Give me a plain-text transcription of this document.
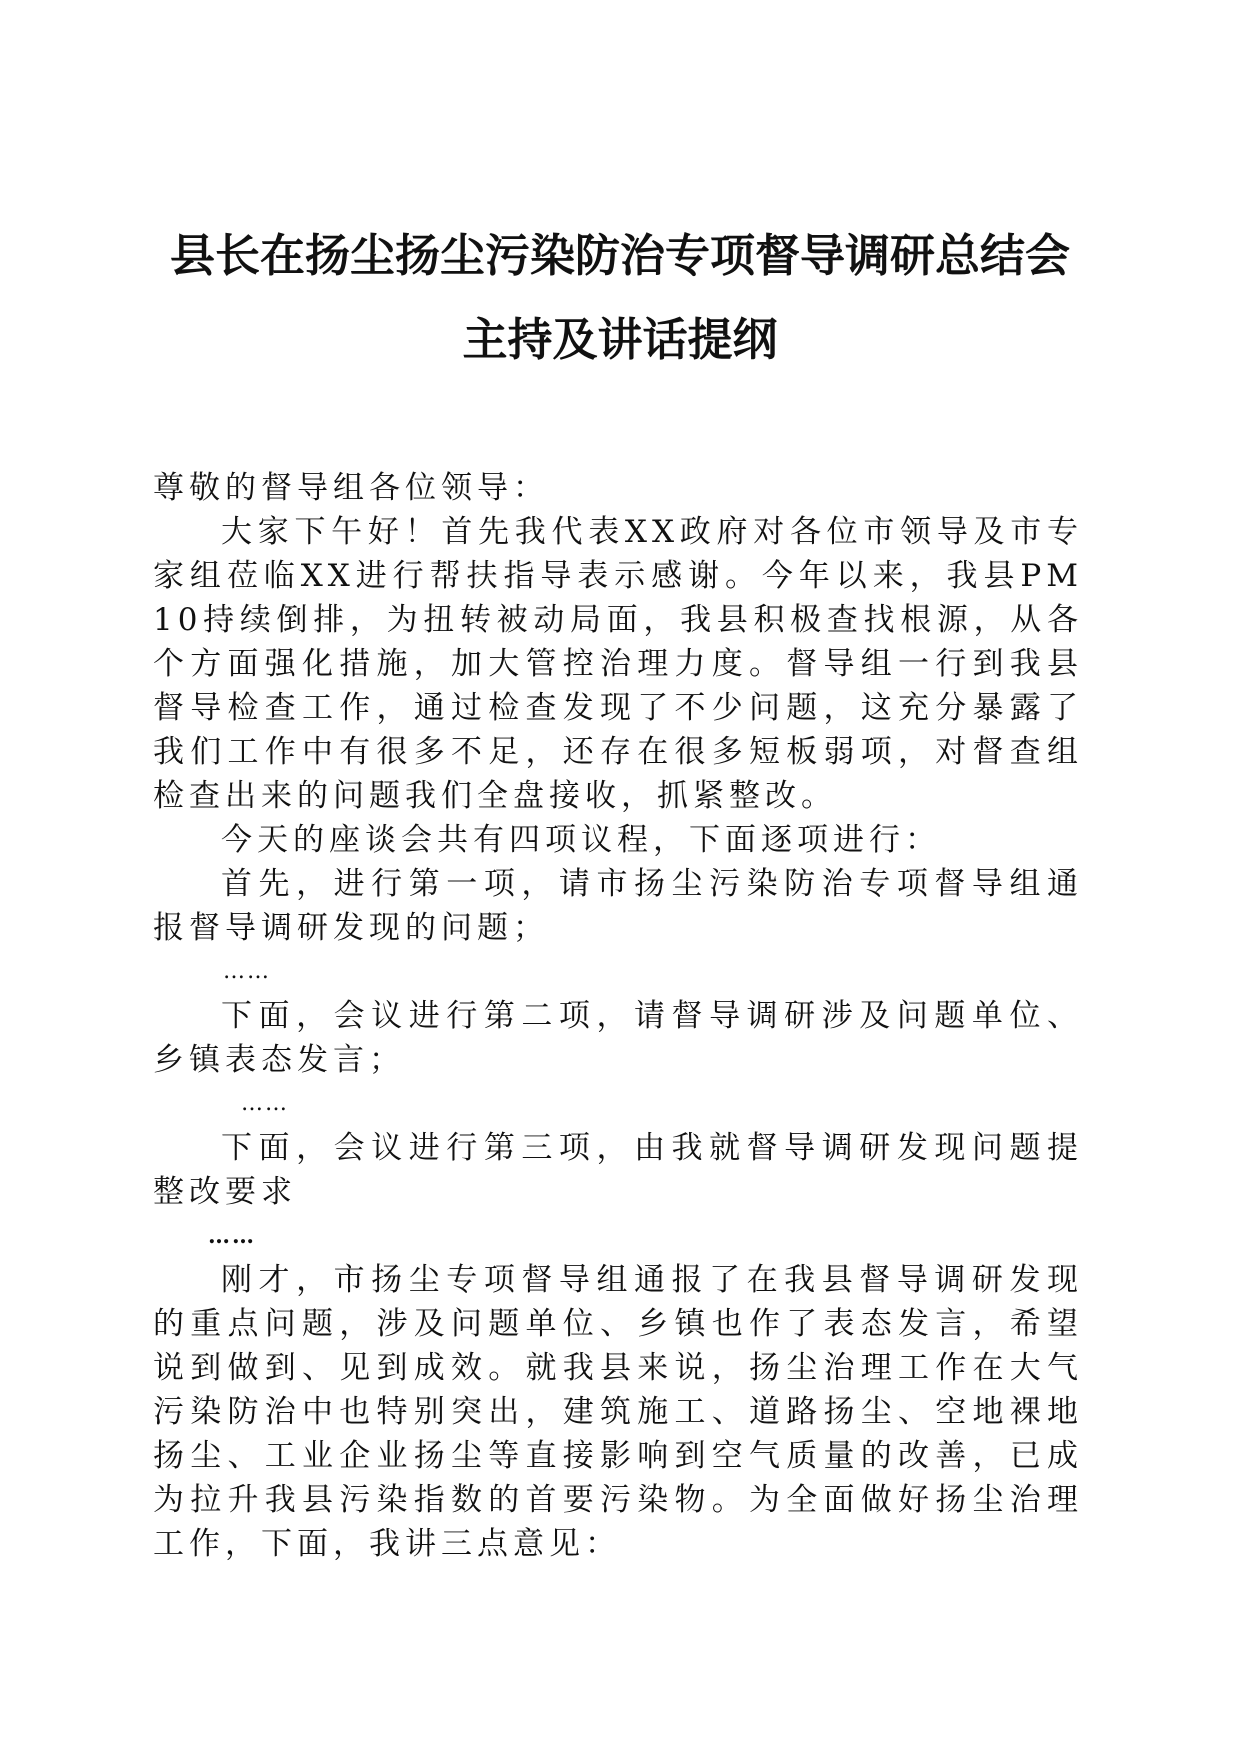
县长在扬尘扬尘污染防治专项督导调研总结会
主持及讲话提纲

尊敬的督导组各位领导：

大家下午好！首先我代表XX政府对各位市领导及市专家组莅临XX进行帮扶指导表示感谢。今年以来，我县PM10持续倒排，为扭转被动局面，我县积极查找根源，从各个方面强化措施，加大管控治理力度。督导组一行到我县督导检查工作，通过检查发现了不少问题，这充分暴露了我们工作中有很多不足，还存在很多短板弱项，对督查组检查出来的问题我们全盘接收，抓紧整改。

今天的座谈会共有四项议程，下面逐项进行：

首先，进行第一项，请市扬尘污染防治专项督导组通报督导调研发现的问题；

……

下面，会议进行第二项，请督导调研涉及问题单位、乡镇表态发言；

……

下面，会议进行第三项，由我就督导调研发现问题提整改要求

……

刚才，市扬尘专项督导组通报了在我县督导调研发现的重点问题，涉及问题单位、乡镇也作了表态发言，希望说到做到、见到成效。就我县来说，扬尘治理工作在大气污染防治中也特别突出，建筑施工、道路扬尘、空地裸地扬尘、工业企业扬尘等直接影响到空气质量的改善，已成为拉升我县污染指数的首要污染物。为全面做好扬尘治理工作，下面，我讲三点意见：
